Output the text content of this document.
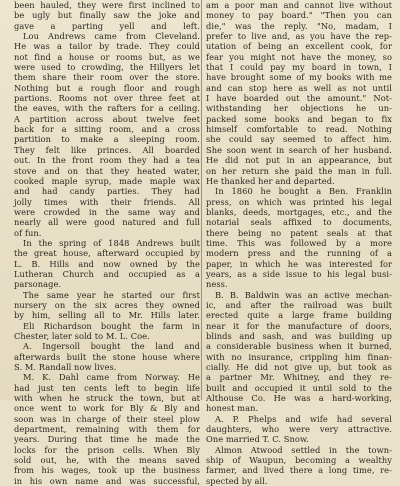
been hauled, they were first inclined to
be ugly but finally saw the joke and
gave a parting yell and left.
Lou Andrews came from Cleveland.
He was a tailor by trade. They could
not find a house or rooms but, as we
were used to crowding, the Hillyers let
them share their room over the store.
Nothing but a rough floor and rough
partions. Rooms not over three feet at
the eaves, with the rafters for a ceiling.
A partition across about twelve feet
back for a sitting room, and a cross
partition to make a sleeping room.
They felt like princes. All boarded
out. In the front room they had a tea
stove and on that they heated water,
cooked maple syrup, made maple wax
and had candy parties. They had
jolly times with their friends. All
were crowded in the same way and
nearly all were good natured and full
of fun.
In the spring of 1848 Andrews built
the great house, afterward occupied by
L. B. Hills and now owned by the
Lutheran Church and occupied as a
parsonage.
The same year he started our first
nursery on the six acres they owned
by him, selling all to Mr. Hills later.
Eli Richardson bought the farm in
Chester, later sold to M. L. Coe.
A. Ingersoll bought the land and
afterwards built the stone house where
S. M. Randall now lives.
M. K. Dahl came from Norway. He
had just ten cents left to begin life
with when he struck the town, but at
once went to work for Bly & Bly and
soon was in charge of their steel plow
department, remaining with them for
years. During that time he made the
locks for the prison cells. When Bly
sold out, he, with the means saved
from his wages, took up the business
in his own name and was successful,
am a poor man and cannot live without
money to pay board." "Then you can
die," was the reply. "No, madam, I
prefer to live and, as you have the rep-
utation of being an excellent cook, for
fear you might not have the money, so
that I could pay my board in town, I
have brought some of my books with me
and can stop here as well as not until
I have boarded out the amount." Not-
withstanding her objections he un-
packed some books and began to fix
himself comfortable to read. Nothing
she could say seemed to affect him.
She soon went in search of her husband.
He did not put in an appearance, but
on her return she paid the man in full.
He thanked her and departed.
In 1860 he bought a Ben. Franklin
press, on which was printed his legal
blanks, deeds, mortgages, etc., and the
notarial seals affixed to documents,
there being no patent seals at that
time. This was followed by a more
modern press and the running of a
paper, in which he was interested for
years, as a side issue to his legal busi-
ness.
B. B. Baldwin was an active mechan-
ic, and after the railroad was built
erected quite a large frame building
near it for the manufacture of doors,
blinds and sash, and was building up
a considerable business when it burned,
with no insurance, crippling him finan-
cially. He did not give up, but took as
a partner Mr. Whitney, and they re-
built and occupied it until sold to the
Althouse Co. He was a hard-working,
honest man.
A. P. Phelps and wife had several
daughters, who were very attractive.
One married T. C. Snow.
Almon Atwood settled in the town-
ship of Waupun, becoming a wealthy
farmer, and lived there a long time, re-
spected by all.
